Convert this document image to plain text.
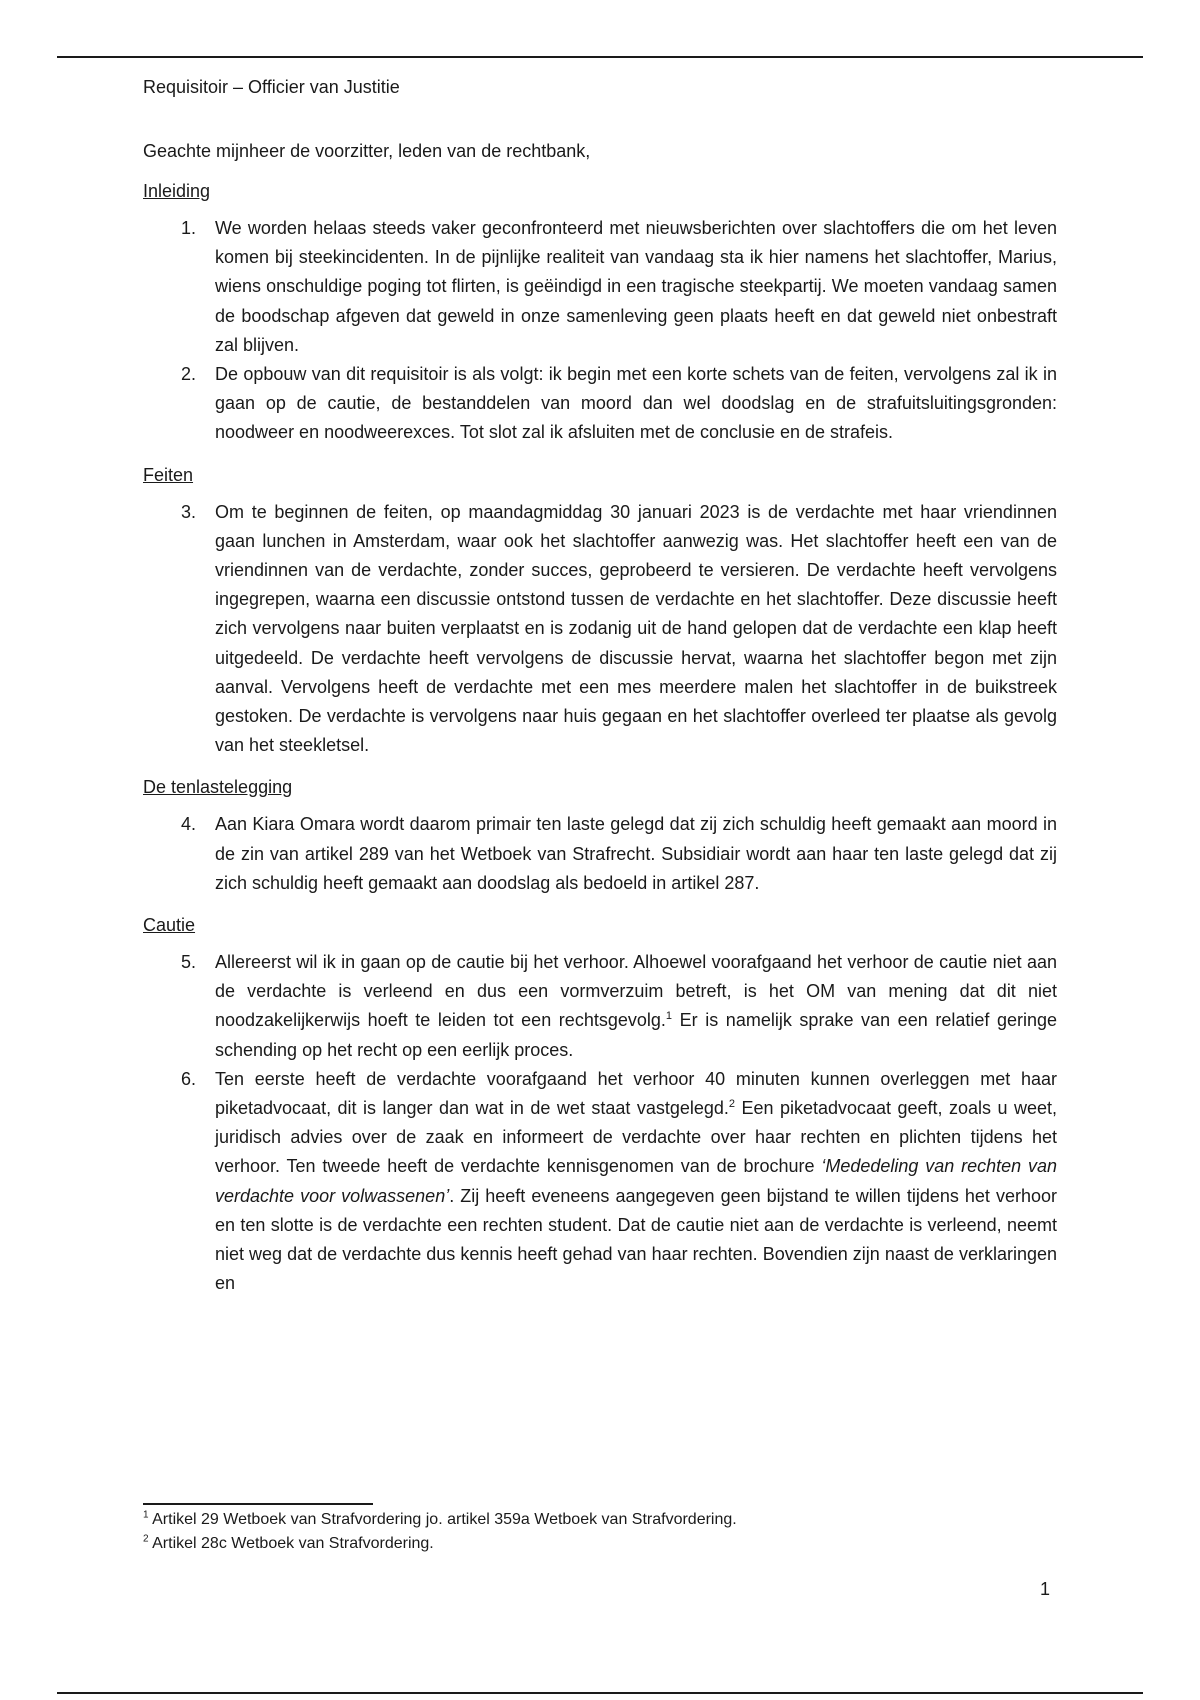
Requisitoir – Officier van Justitie

Geachte mijnheer de voorzitter, leden van de rechtbank,

Inleiding
1. We worden helaas steeds vaker geconfronteerd met nieuwsberichten over slachtoffers die om het leven komen bij steekincidenten. In de pijnlijke realiteit van vandaag sta ik hier namens het slachtoffer, Marius, wiens onschuldige poging tot flirten, is geëindigd in een tragische steekpartij. We moeten vandaag samen de boodschap afgeven dat geweld in onze samenleving geen plaats heeft en dat geweld niet onbestraft zal blijven.
2. De opbouw van dit requisitoir is als volgt: ik begin met een korte schets van de feiten, vervolgens zal ik in gaan op de cautie, de bestanddelen van moord dan wel doodslag en de strafuitsluitingsgronden: noodweer en noodweerexces. Tot slot zal ik afsluiten met de conclusie en de strafeis.
Feiten
3. Om te beginnen de feiten, op maandagmiddag 30 januari 2023 is de verdachte met haar vriendinnen gaan lunchen in Amsterdam, waar ook het slachtoffer aanwezig was. Het slachtoffer heeft een van de vriendinnen van de verdachte, zonder succes, geprobeerd te versieren. De verdachte heeft vervolgens ingegrepen, waarna een discussie ontstond tussen de verdachte en het slachtoffer. Deze discussie heeft zich vervolgens naar buiten verplaatst en is zodanig uit de hand gelopen dat de verdachte een klap heeft uitgedeeld. De verdachte heeft vervolgens de discussie hervat, waarna het slachtoffer begon met zijn aanval. Vervolgens heeft de verdachte met een mes meerdere malen het slachtoffer in de buikstreek gestoken. De verdachte is vervolgens naar huis gegaan en het slachtoffer overleed ter plaatse als gevolg van het steekletsel.
De tenlastelegging
4. Aan Kiara Omara wordt daarom primair ten laste gelegd dat zij zich schuldig heeft gemaakt aan moord in de zin van artikel 289 van het Wetboek van Strafrecht. Subsidiair wordt aan haar ten laste gelegd dat zij zich schuldig heeft gemaakt aan doodslag als bedoeld in artikel 287.
Cautie
5. Allereerst wil ik in gaan op de cautie bij het verhoor. Alhoewel voorafgaand het verhoor de cautie niet aan de verdachte is verleend en dus een vormverzuim betreft, is het OM van mening dat dit niet noodzakelijkerwijs hoeft te leiden tot een rechtsgevolg.$^1$ Er is namelijk sprake van een relatief geringe schending op het recht op een eerlijk proces.
6. Ten eerste heeft de verdachte voorafgaand het verhoor 40 minuten kunnen overleggen met haar piketadvocaat, dit is langer dan wat in de wet staat vastgelegd.$^2$ Een piketadvocaat geeft, zoals u weet, juridisch advies over de zaak en informeert de verdachte over haar rechten en plichten tijdens het verhoor. Ten tweede heeft de verdachte kennisgenomen van de brochure ‘Mededeling van rechten van verdachte voor volwassenen’. Zij heeft eveneens aangegeven geen bijstand te willen tijdens het verhoor en ten slotte is de verdachte een rechten student. Dat de cautie niet aan de verdachte is verleend, neemt niet weg dat de verdachte dus kennis heeft gehad van haar rechten. Bovendien zijn naast de verklaringen en

$^1$ Artikel 29 Wetboek van Strafvordering jo. artikel 359a Wetboek van Strafvordering.

$^2$ Artikel 28c Wetboek van Strafvordering.

1
